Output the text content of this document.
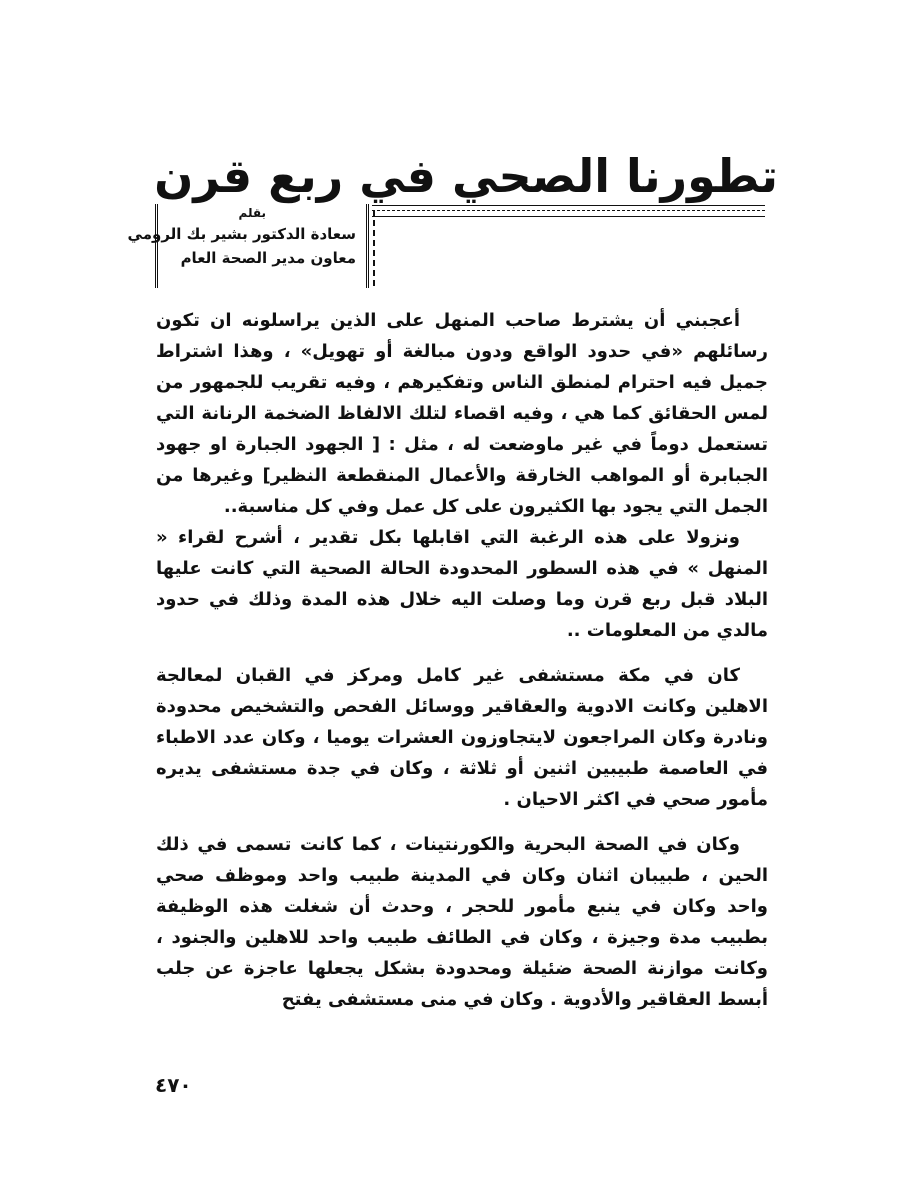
تطورنا الصحي في ربع قرن
بقلم
سعادة الدكتور بشير بك الرومي
معاون مدير الصحة العام

أعجبني أن يشترط صاحب المنهل على الذين يراسلونه ان تكون رسائلهم «في حدود الواقع ودون مبالغة أو تهويل» ، وهذا اشتراط جميل فيه احترام لمنطق الناس وتفكيرهم ، وفيه تقريب للجمهور من لمس الحقائق كما هي ، وفيه اقصاء لتلك الالفاظ الضخمة الرنانة التي تستعمل دوماً في غير ماوضعت له ، مثل : [ الجهود الجبارة او جهود الجبابرة أو المواهب الخارقة والأعمال المنقطعة النظير] وغيرها من الجمل التي يجود بها الكثيرون على كل عمل وفي كل مناسبة..

ونزولا على هذه الرغبة التي اقابلها بكل تقدير ، أشرح لقراء « المنهل » في هذه السطور المحدودة الحالة الصحية التي كانت عليها البلاد قبل ربع قرن وما وصلت اليه خلال هذه المدة وذلك في حدود مالدي من المعلومات ..

كان في مكة مستشفى غير كامل ومركز في القبان لمعالجة الاهلين وكانت الادوية والعقاقير ووسائل الفحص والتشخيص محدودة ونادرة وكان المراجعون لايتجاوزون العشرات يوميا ، وكان عدد الاطباء في العاصمة طبيبين اثنين أو ثلاثة ، وكان في جدة مستشفى يديره مأمور صحي في اكثر الاحيان .

وكان في الصحة البحرية والكورنتينات ، كما كانت تسمى في ذلك الحين ، طبيبان اثنان وكان في المدينة طبيب واحد وموظف صحي واحد وكان في ينبع مأمور للحجر ، وحدث أن شغلت هذه الوظيفة بطبيب مدة وجيزة ، وكان في الطائف طبيب واحد للاهلين والجنود ، وكانت موازنة الصحة ضئيلة ومحدودة بشكل يجعلها عاجزة عن جلب أبسط العقاقير والأدوية . وكان في منى مستشفى يفتح

٤٧٠
